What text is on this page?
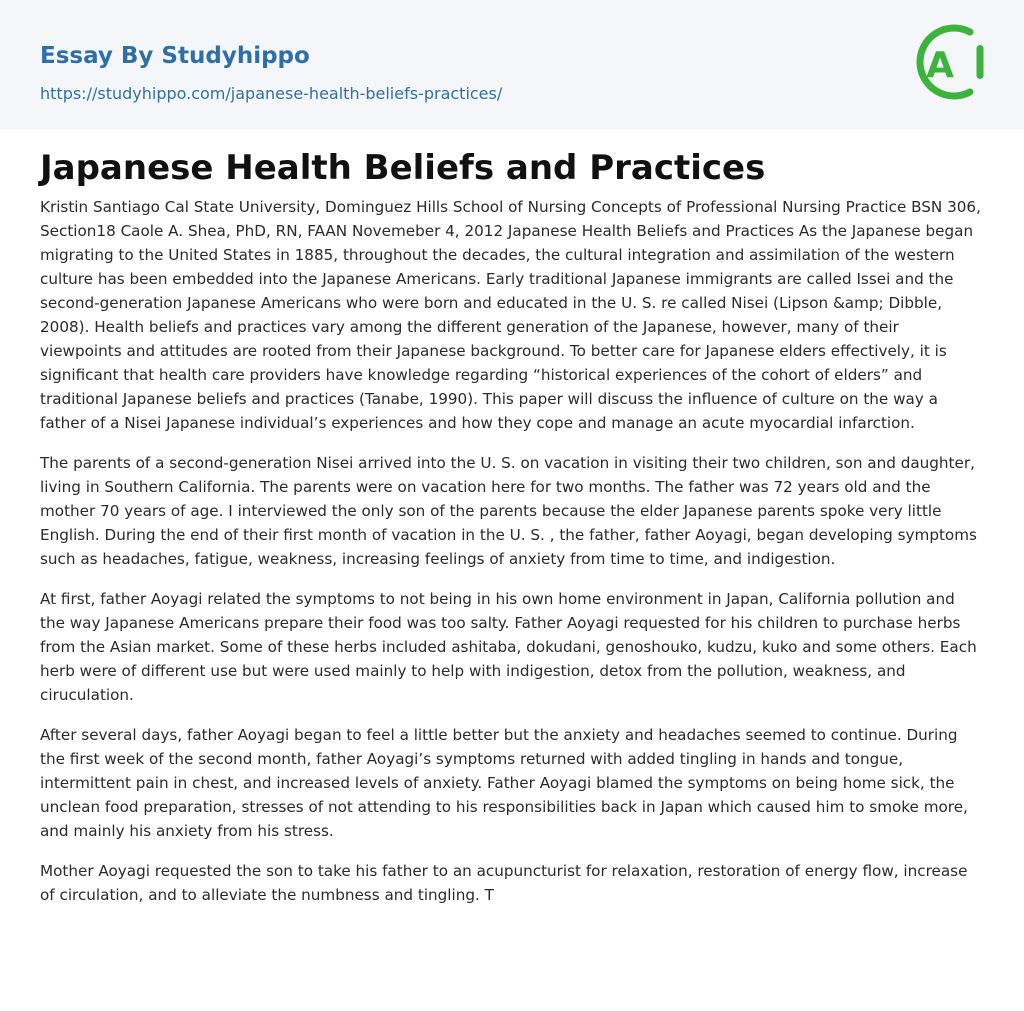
Essay By Studyhippo
https://studyhippo.com/japanese-health-beliefs-practices/
A
Japanese Health Beliefs and Practices

Kristin Santiago Cal State University, Dominguez Hills School of Nursing Concepts of Professional Nursing Practice BSN 306, Section18 Caole A. Shea, PhD, RN, FAAN Novemeber 4, 2012 Japanese Health Beliefs and Practices As the Japanese began migrating to the United States in 1885, throughout the decades, the cultural integration and assimilation of the western culture has been embedded into the Japanese Americans. Early traditional Japanese immigrants are called Issei and the second-generation Japanese Americans who were born and educated in the U. S. re called Nisei (Lipson &amp; Dibble, 2008). Health beliefs and practices vary among the different generation of the Japanese, however, many of their viewpoints and attitudes are rooted from their Japanese background. To better care for Japanese elders effectively, it is significant that health care providers have knowledge regarding “historical experiences of the cohort of elders” and traditional Japanese beliefs and practices (Tanabe, 1990). This paper will discuss the influence of culture on the way a father of a Nisei Japanese individual’s experiences and how they cope and manage an acute myocardial infarction.

The parents of a second-generation Nisei arrived into the U. S. on vacation in visiting their two children, son and daughter, living in Southern California. The parents were on vacation here for two months. The father was 72 years old and the mother 70 years of age. I interviewed the only son of the parents because the elder Japanese parents spoke very little English. During the end of their first month of vacation in the U. S. , the father, father Aoyagi, began developing symptoms such as headaches, fatigue, weakness, increasing feelings of anxiety from time to time, and indigestion.

At first, father Aoyagi related the symptoms to not being in his own home environment in Japan, California pollution and the way Japanese Americans prepare their food was too salty. Father Aoyagi requested for his children to purchase herbs from the Asian market. Some of these herbs included ashitaba, dokudani, genoshouko, kudzu, kuko and some others. Each herb were of different use but were used mainly to help with indigestion, detox from the pollution, weakness, and ciruculation.

After several days, father Aoyagi began to feel a little better but the anxiety and headaches seemed to continue. During the first week of the second month, father Aoyagi’s symptoms returned with added tingling in hands and tongue, intermittent pain in chest, and increased levels of anxiety. Father Aoyagi blamed the symptoms on being home sick, the unclean food preparation, stresses of not attending to his responsibilities back in Japan which caused him to smoke more, and mainly his anxiety from his stress.

Mother Aoyagi requested the son to take his father to an acupuncturist for relaxation, restoration of energy flow, increase of circulation, and to alleviate the numbness and tingling. T
